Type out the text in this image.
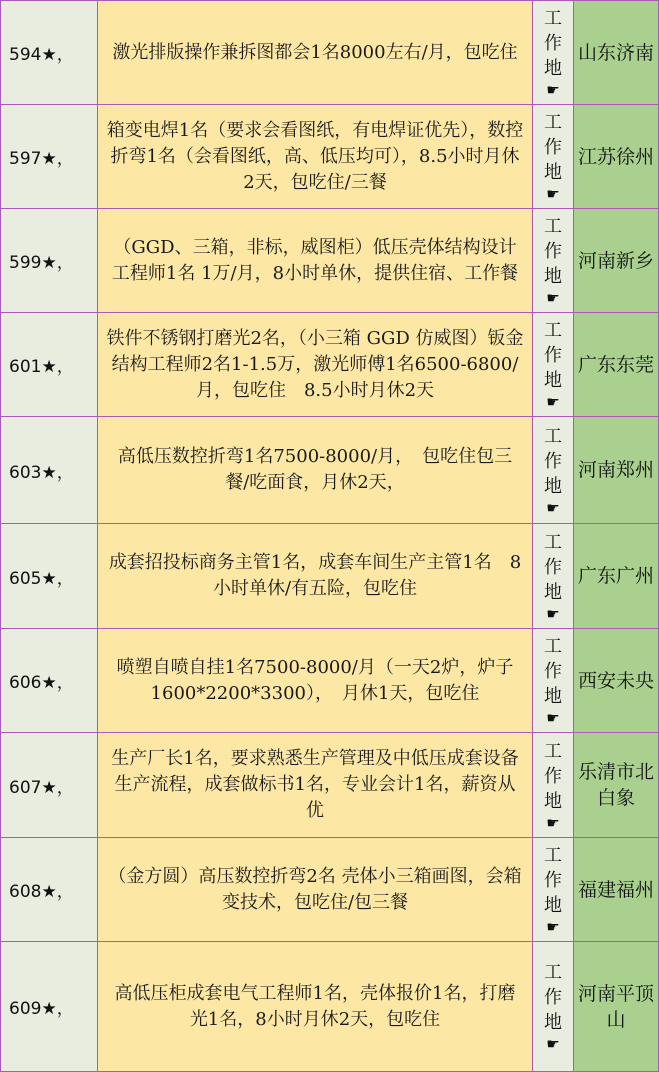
594★，	激光排版操作兼拆图都会1名8000左右/月，包吃住	工
作
地
☛	山东济南
597★，	箱变电焊1名（要求会看图纸，有电焊证优先），数控折弯1名（会看图纸，高、低压均可），8.5小时月休2天，包吃住/三餐	工
作
地
☛	江苏徐州
599★，	（GGD、三箱，非标，威图柜）低压壳体结构设计工程师1名 1万/月，8小时单休，提供住宿、工作餐	工
作
地
☛	河南新乡
601★，	铁件不锈钢打磨光2名，（小三箱 GGD 仿威图）钣金结构工程师2名1-1.5万，激光师傅1名6500-6800/月，包吃住　8.5小时月休2天	工
作
地
☛	广东东莞
603★，	高低压数控折弯1名7500-8000/月，　包吃住包三餐/吃面食，月休2天，	工
作
地
☛	河南郑州
605★，	成套招投标商务主管1名，成套车间生产主管1名　8小时单休/有五险，包吃住	工
作
地
☛	广东广州
606★，	喷塑自喷自挂1名7500-8000/月（一天2炉，炉子1600*2200*3300），　月休1天，包吃住	工
作
地
☛	西安未央
607★，	生产厂长1名，要求熟悉生产管理及中低压成套设备生产流程，成套做标书1名，专业会计1名，薪资从优	工
作
地
☛	乐清市北白象
608★，	（金方圆）高压数控折弯2名 壳体小三箱画图，会箱变技术，包吃住/包三餐	工
作
地
☛	福建福州
609★，	高低压柜成套电气工程师1名，壳体报价1名，打磨光1名，8小时月休2天，包吃住	工
作
地
☛	河南平顶山
